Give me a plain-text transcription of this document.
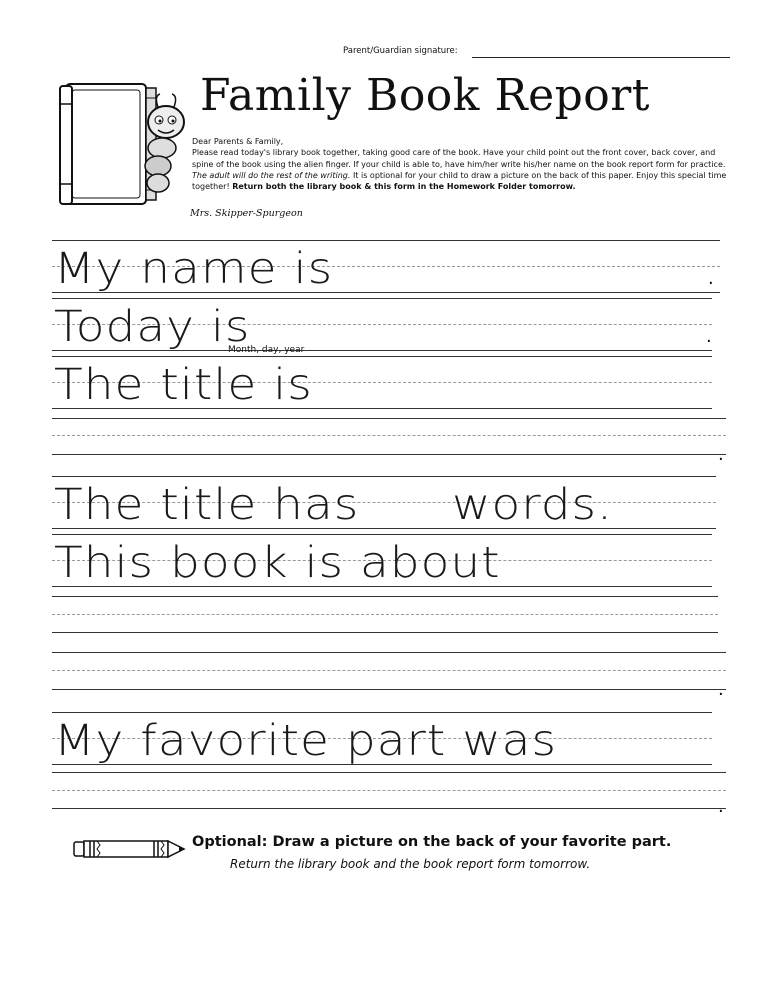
Parent/Guardian signature:
Family Book Report
Dear Parents & Family,
Please read today's library book together, taking good care of the book. Have your child point out the front cover, back cover, and spine of the book using the alien finger. If your child is able to, have him/her write his/her name on the book report form for practice. The adult will do the rest of the writing. It is optional for your child to draw a picture on the back of this paper. Enjoy this special time together! Return both the library book & this form in the Homework Folder tomorrow.
Mrs. Skipper-Spurgeon
My name is	.
Today is	.
Month, day, year
The title is
.
The title has words.
This book is about
.
My favorite part was
.
Optional: Draw a picture on the back of your favorite part.
Return the library book and the book report form tomorrow.
